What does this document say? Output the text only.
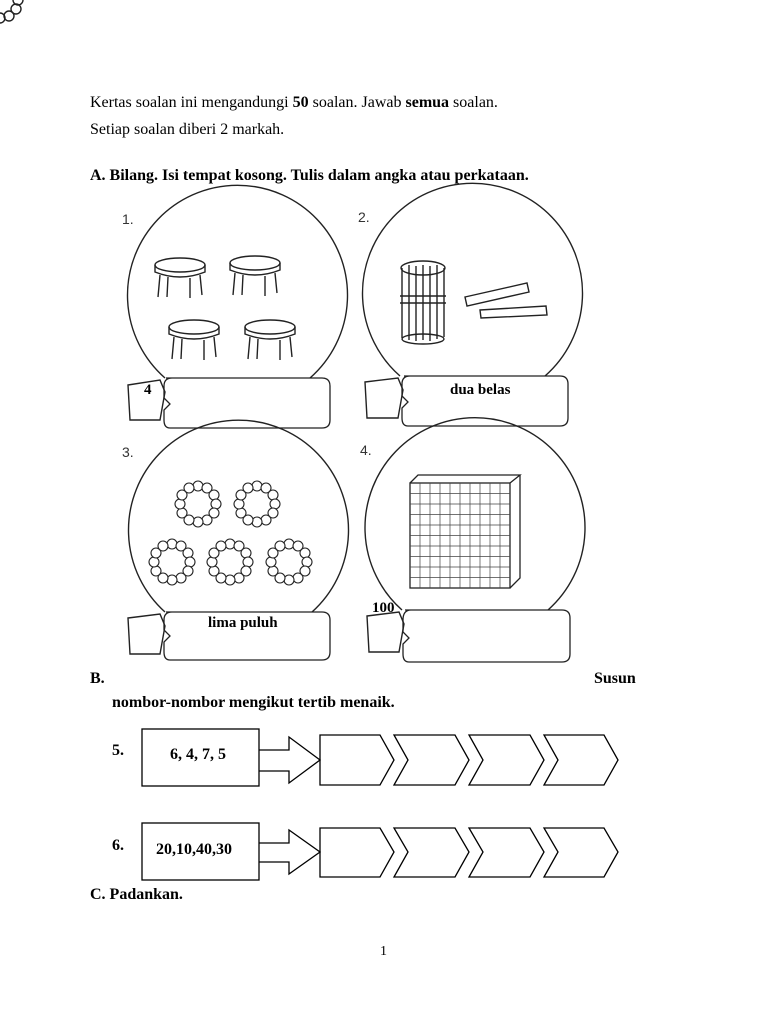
Kertas soalan ini mengandungi 50 soalan. Jawab semua soalan.
Setiap soalan diberi 2 markah.
A. Bilang. Isi tempat kosong. Tulis dalam angka atau perkataan.
1.	2.
3.	4.
4	dua belas
lima puluh
100
B.	Susun
nombor-nombor mengikut tertib menaik.
5.
6.
6, 4, 7, 5
20,10,40,30
C. Padankan.
1
